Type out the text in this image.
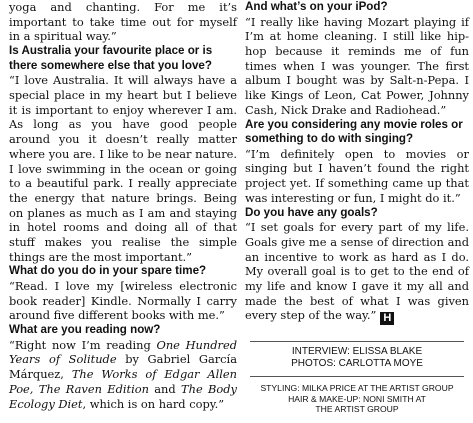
yoga and chanting. For me it’s important to take time out for myself in a spiritual way.”

Is Australia your favourite place or is there somewhere else that you love?

“I love Australia. It will always have a special place in my heart but I believe it is important to enjoy wherever I am. As long as you have good people around you it doesn’t really matter where you are. I like to be near nature. I love swimming in the ocean or going to a beautiful park. I really appreciate the energy that nature brings. Being on planes as much as I am and staying in hotel rooms and doing all of that stuff makes you realise the simple things are the most important.”

What do you do in your spare time?

“Read. I love my [wireless electronic book reader] Kindle. Normally I carry around five different books with me.”

What are you reading now?

“Right now I’m reading One Hundred Years of Solitude by Gabriel García Márquez, The Works of Edgar Allen Poe, The Raven Edition and The Body Ecology Diet, which is on hard copy.”

And what’s on your iPod?

“I really like having Mozart playing if I’m at home cleaning. I still like hip-hop because it reminds me of fun times when I was younger. The first album I bought was by Salt-n-Pepa. I like Kings of Leon, Cat Power, Johnny Cash, Nick Drake and Radiohead.”

Are you considering any movie roles or something to do with singing?

“I’m definitely open to movies or singing but I haven’t found the right project yet. If something came up that was interesting or fun, I might do it.”

Do you have any goals?

“I set goals for every part of my life. Goals give me a sense of direction and an incentive to work as hard as I do. My overall goal is to get to the end of my life and know I gave it my all and made the best of what I was given every step of the way.” H

INTERVIEW: ELISSA BLAKE
PHOTOS: CARLOTTA MOYE
STYLING: MILKA PRICE AT THE ARTIST GROUP
HAIR & MAKE-UP: NONI SMITH AT
THE ARTIST GROUP
